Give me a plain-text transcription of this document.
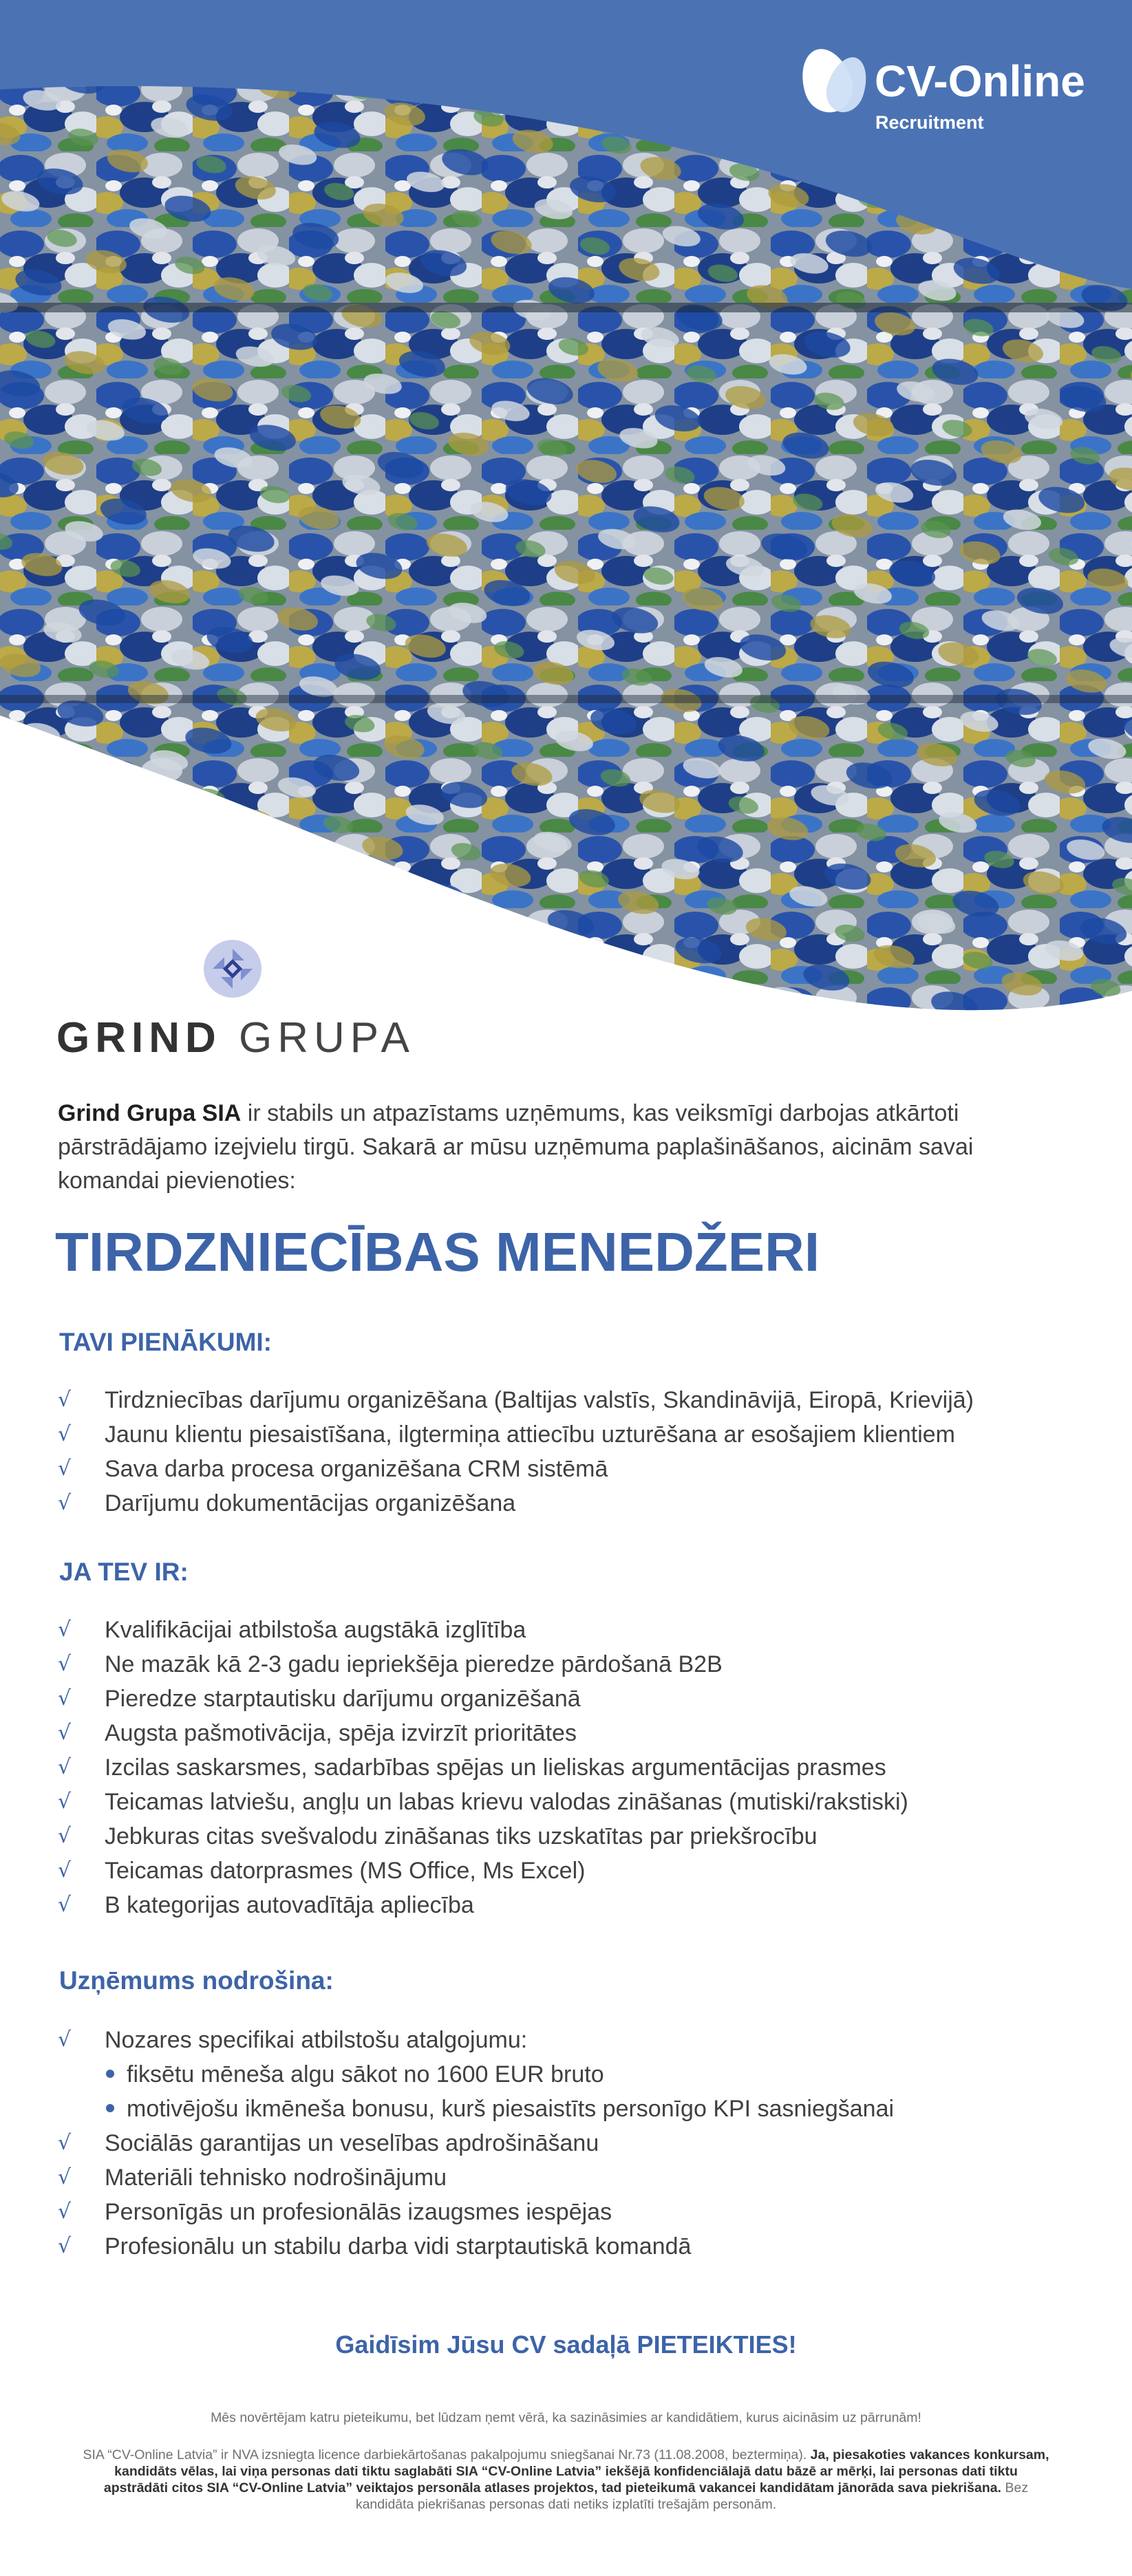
CV-Online
Recruitment
GRIND GRUPA
Grind Grupa SIA ir stabils un atpazīstams uzņēmums, kas veiksmīgi darbojas atkārtoti pārstrādājamo izejvielu tirgū. Sakarā ar mūsu uzņēmuma paplašināšanos, aicinām savai komandai pievienoties:
TIRDZNIECĪBAS MENEDŽERI
TAVI PIENĀKUMI:
√ Tirdzniecības darījumu organizēšana (Baltijas valstīs, Skandināvijā, Eiropā, Krievijā)
√ Jaunu klientu piesaistīšana, ilgtermiņa attiecību uzturēšana ar esošajiem klientiem
√ Sava darba procesa organizēšana CRM sistēmā
√ Darījumu dokumentācijas organizēšana
JA TEV IR:
√ Kvalifikācijai atbilstoša augstākā izglītība
√ Ne mazāk kā 2-3 gadu iepriekšēja pieredze pārdošanā B2B
√ Pieredze starptautisku darījumu organizēšanā
√ Augsta pašmotivācija, spēja izvirzīt prioritātes
√ Izcilas saskarsmes, sadarbības spējas un lieliskas argumentācijas prasmes
√ Teicamas latviešu, angļu un labas krievu valodas zināšanas (mutiski/rakstiski)
√ Jebkuras citas svešvalodu zināšanas tiks uzskatītas par priekšrocību
√ Teicamas datorprasmes (MS Office, Ms Excel)
√ B kategorijas autovadītāja apliecība
Uzņēmums nodrošina:
√ Nozares specifikai atbilstošu atalgojumu:
fiksētu mēneša algu sākot no 1600 EUR bruto
motivējošu ikmēneša bonusu, kurš piesaistīts personīgo KPI sasniegšanai
√ Sociālās garantijas un veselības apdrošināšanu
√ Materiāli tehnisko nodrošinājumu
√ Personīgās un profesionālās izaugsmes iespējas
√ Profesionālu un stabilu darba vidi starptautiskā komandā
Gaidīsim Jūsu CV sadaļā PIETEIKTIES!
Mēs novērtējam katru pieteikumu, bet lūdzam ņemt vērā, ka sazināsimies ar kandidātiem, kurus aicināsim uz pārrunām!
SIA “CV-Online Latvia” ir NVA izsniegta licence darbiekārtošanas pakalpojumu sniegšanai Nr.73 (11.08.2008, beztermiņa). Ja, piesakoties vakances konkursam, kandidāts vēlas, lai viņa personas dati tiktu saglabāti SIA “CV-Online Latvia” iekšējā konfidenciālajā datu bāzē ar mērķi, lai personas dati tiktu apstrādāti citos SIA “CV-Online Latvia” veiktajos personāla atlases projektos, tad pieteikumā vakancei kandidātam jānorāda sava piekrišana. Bez kandidāta piekrišanas personas dati netiks izplatīti trešajām personām.
